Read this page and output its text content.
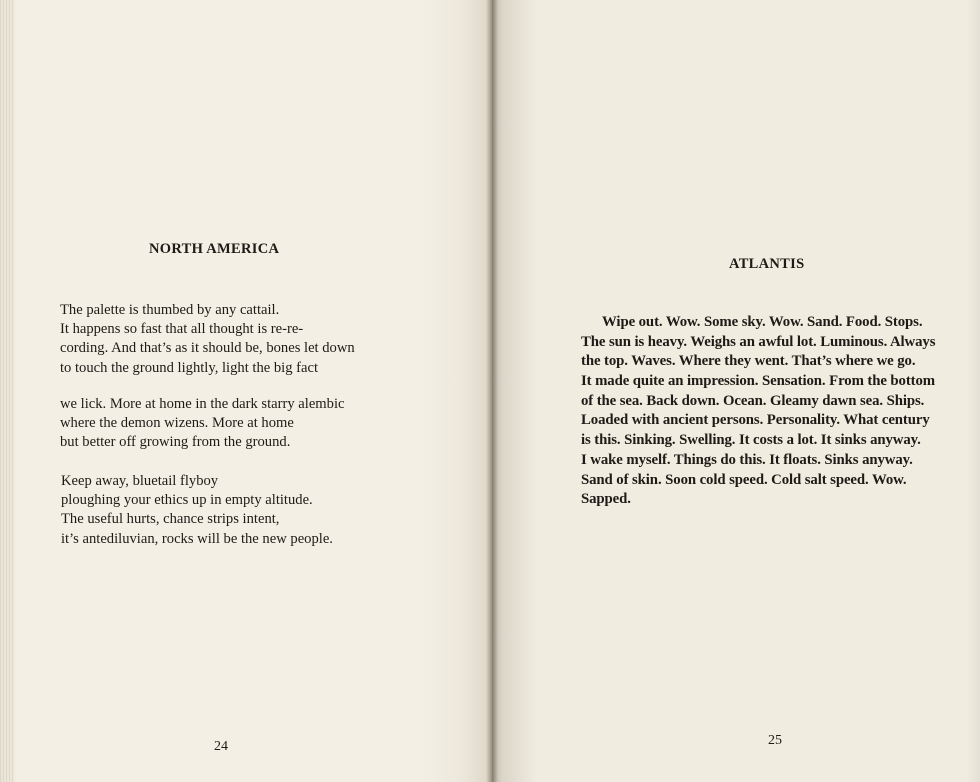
NORTH AMERICA
The palette is thumbed by any cattail.
It happens so fast that all thought is re-re-
cording. And that’s as it should be, bones let down
to touch the ground lightly, light the big fact
we lick. More at home in the dark starry alembic
where the demon wizens. More at home
but better off growing from the ground.
Keep away, bluetail flyboy
ploughing your ethics up in empty altitude.
The useful hurts, chance strips intent,
it’s antediluvian, rocks will be the new people.
24
ATLANTIS
Wipe out. Wow. Some sky. Wow. Sand. Food. Stops.
The sun is heavy. Weighs an awful lot. Luminous. Always
the top. Waves. Where they went. That’s where we go.
It made quite an impression. Sensation. From the bottom
of the sea. Back down. Ocean. Gleamy dawn sea. Ships.
Loaded with ancient persons. Personality. What century
is this. Sinking. Swelling. It costs a lot. It sinks anyway.
I wake myself. Things do this. It floats. Sinks anyway.
Sand of skin. Soon cold speed. Cold salt speed. Wow.
Sapped.
25
